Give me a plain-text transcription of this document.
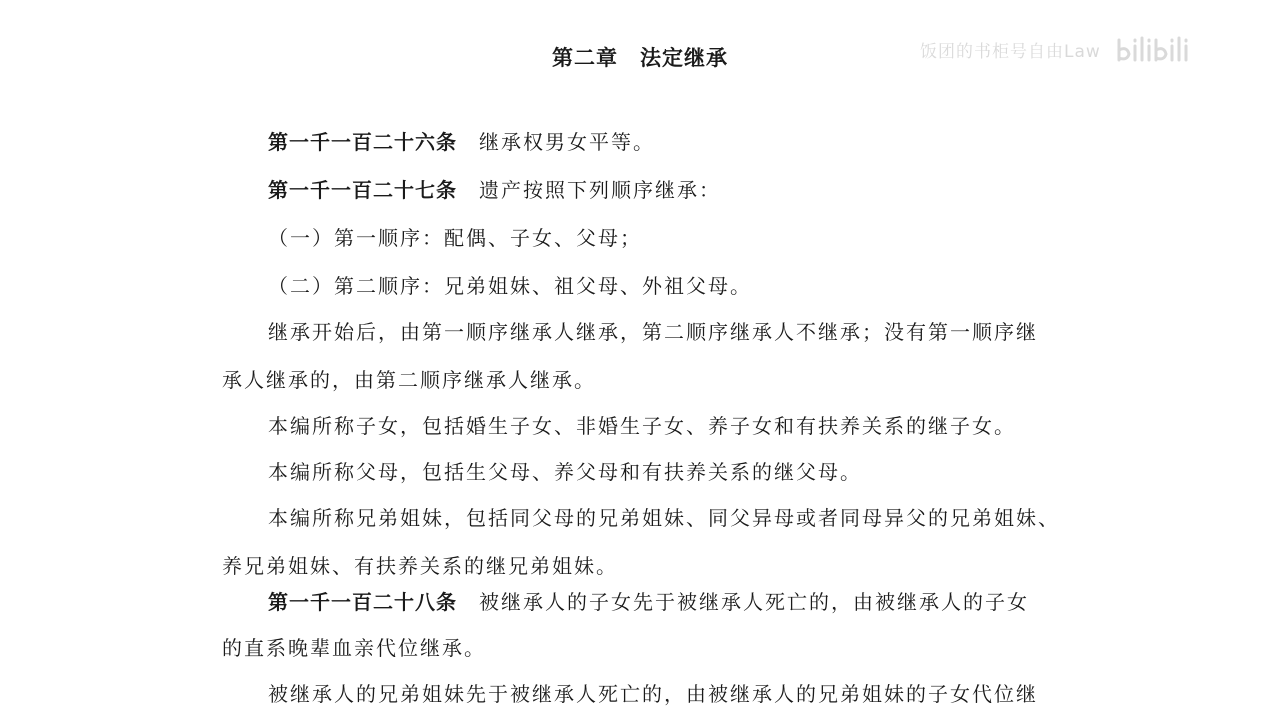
第二章 法定继承	饭团的书柜号自由Law

第一千一百二十六条 继承权男女平等。

第一千一百二十七条 遗产按照下列顺序继承：

（一）第一顺序：配偶、子女、父母；

（二）第二顺序：兄弟姐妹、祖父母、外祖父母。

继承开始后，由第一顺序继承人继承，第二顺序继承人不继承；没有第一顺序继

承人继承的，由第二顺序继承人继承。

本编所称子女，包括婚生子女、非婚生子女、养子女和有扶养关系的继子女。

本编所称父母，包括生父母、养父母和有扶养关系的继父母。

本编所称兄弟姐妹，包括同父母的兄弟姐妹、同父异母或者同母异父的兄弟姐妹、

养兄弟姐妹、有扶养关系的继兄弟姐妹。

第一千一百二十八条 被继承人的子女先于被继承人死亡的，由被继承人的子女

的直系晚辈血亲代位继承。

被继承人的兄弟姐妹先于被继承人死亡的，由被继承人的兄弟姐妹的子女代位继
